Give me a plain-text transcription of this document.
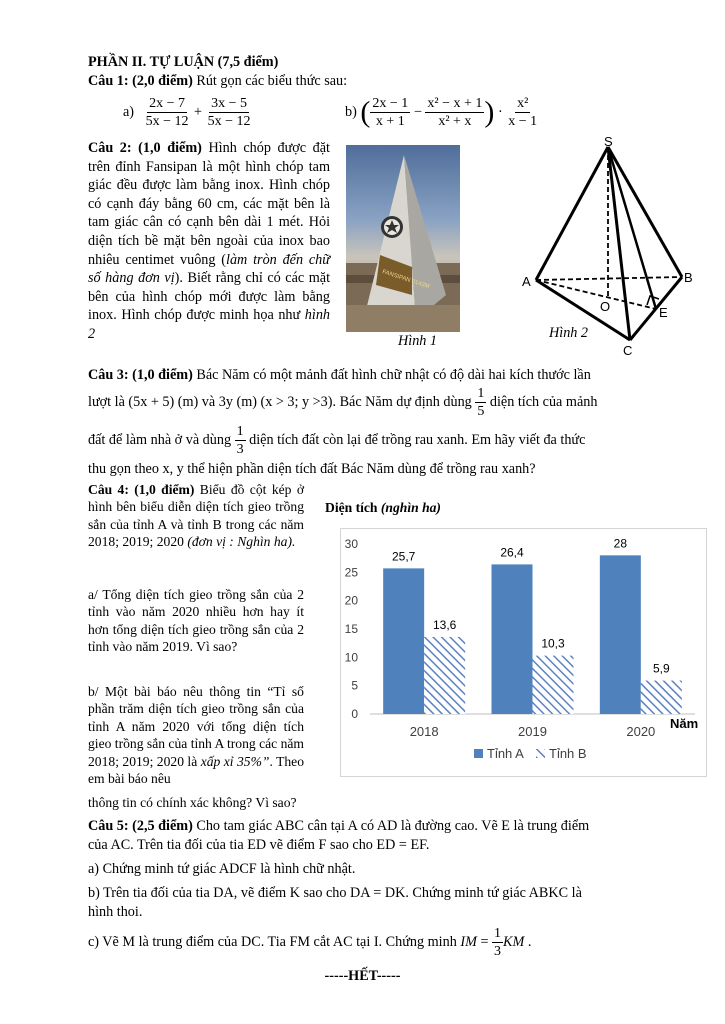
PHẦN II. TỰ LUẬN (7,5 điểm)
Câu 1: (2,0 điểm) Rút gọn các biểu thức sau:
$a) \frac{2x - 7}{5x - 12} + \frac{3x - 5}{5x - 12}$	b) ( $\frac{2x - 1}{x + 1} - \frac{\text{x² − x + 1}}{\text{x² + x}}$ ) · $\frac{\text{x²}}{x - 1}$
Câu 2: (1,0 điểm) Hình chóp được đặt trên đỉnh Fansipan là một hình chóp tam giác đều được làm bằng inox. Hình chóp có cạnh đáy bằng 60 cm, các mặt bên là tam giác cân có cạnh bên dài 1 mét. Hỏi diện tích bề mặt bên ngoài của inox bao nhiêu centimet vuông (làm tròn đến chữ số hàng đơn vị). Biết rằng chỉ có các mặt bên của hình chóp mới được làm bằng inox. Hình chóp được minh họa như hình 2
FANSIPAN 3143M
Hình 1
S
A	B
C
O	E
Hình 2
Câu 3: (1,0 điểm) Bác Năm có một mảnh đất hình chữ nhật có độ dài hai kích thước lần
lượt là (5x + 5) (m) và 3y (m) (x > 3; y >3). Bác Năm dự định dùng $\frac{1}{5}$ diện tích của mảnh
đất để làm nhà ở và dùng $\frac{1}{3}$ diện tích đất còn lại để trồng rau xanh. Em hãy viết đa thức
thu gọn theo x, y thể hiện phần diện tích đất Bác Năm dùng để trồng rau xanh?
Câu 4: (1,0 điểm) Biểu đồ cột kép ở hình bên biểu diễn diện tích gieo trồng sắn của tỉnh A và tỉnh B trong các năm 2018; 2019; 2020 (đơn vị : Nghìn ha).
a/ Tổng diện tích gieo trồng sắn của 2 tỉnh vào năm 2020 nhiều hơn hay ít hơn tổng diện tích gieo trồng sắn của 2 tỉnh vào năm 2019. Vì sao?
b/ Một bài báo nêu thông tin “Tỉ số phần trăm diện tích gieo trồng sắn của tỉnh A năm 2020 với tổng diện tích gieo trồng sắn của tỉnh A trong các năm 2018; 2019; 2020 là xấp xỉ 35%”. Theo em bài báo nêu
thông tin có chính xác không? Vì sao?
Diện tích (nghìn ha)
0
5
10
15
20
25
30
25,7
13,6
26,4
10,3
28
5,9
2018	2019	2020
Năm
Tỉnh A Tỉnh B
Câu 5: (2,5 điểm) Cho tam giác ABC cân tại A có AD là đường cao. Vẽ E là trung điểm
của AC. Trên tia đối của tia ED vẽ điểm F sao cho ED = EF.
a) Chứng minh tứ giác ADCF là hình chữ nhật.
b) Trên tia đối của tia DA, vẽ điểm K sao cho DA = DK. Chứng minh tứ giác ABKC là
hình thoi.
c) Vẽ M là trung điểm của DC. Tia FM cắt AC tại I. Chứng minh IM = $\frac{1}{3}$ KM .
-----HẾT-----
